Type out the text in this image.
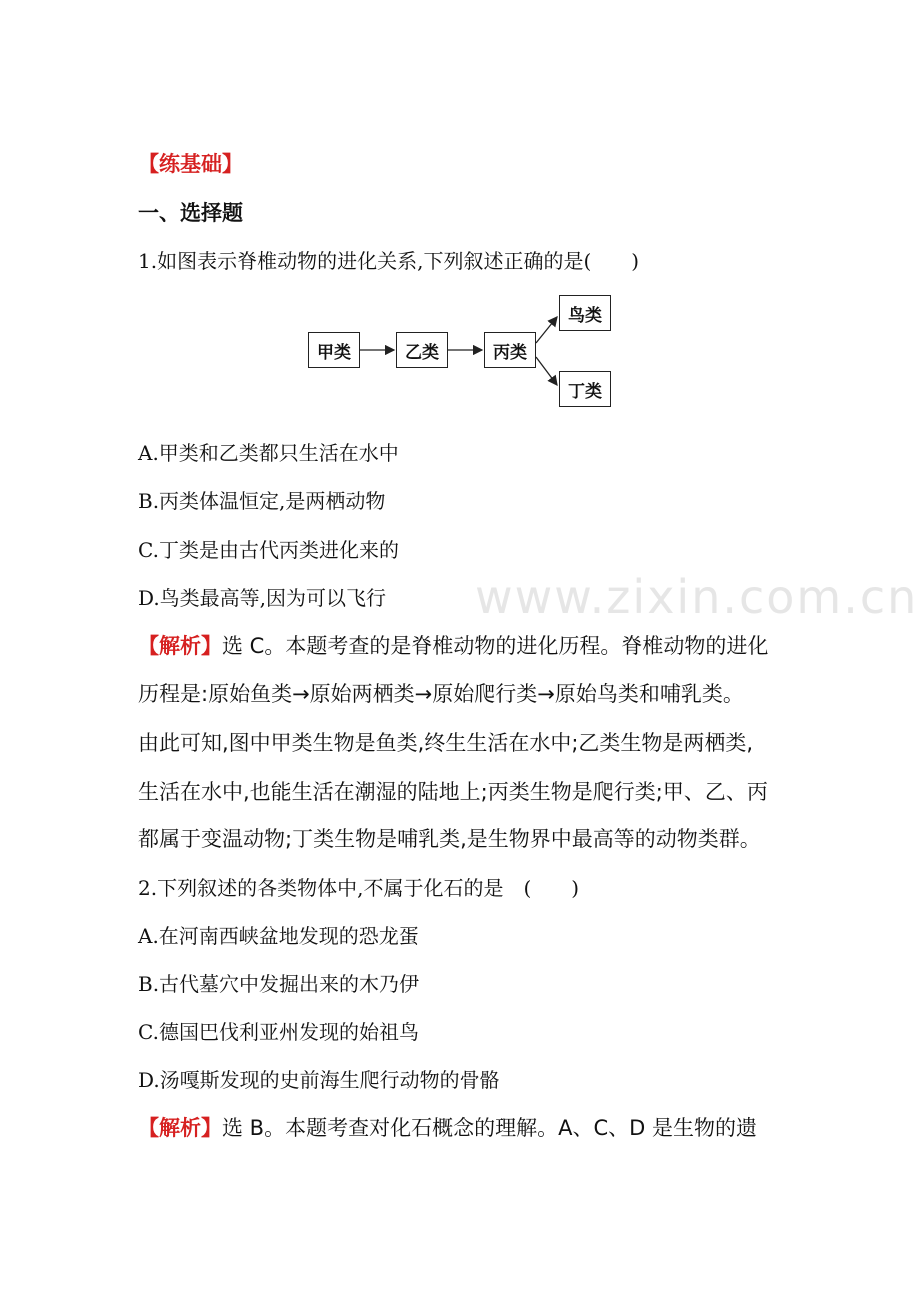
www.zixin.com.cn
【练基础】
一、选择题
1.如图表示脊椎动物的进化关系,下列叙述正确的是(　　)
甲类	乙类	丙类
鸟类
丁类
A.甲类和乙类都只生活在水中
B.丙类体温恒定,是两栖动物
C.丁类是由古代丙类进化来的
D.鸟类最高等,因为可以飞行
【解析】选 C。本题考查的是脊椎动物的进化历程。脊椎动物的进化
历程是:原始鱼类→原始两栖类→原始爬行类→原始鸟类和哺乳类。
由此可知,图中甲类生物是鱼类,终生生活在水中;乙类生物是两栖类,
生活在水中,也能生活在潮湿的陆地上;丙类生物是爬行类;甲、乙、丙
都属于变温动物;丁类生物是哺乳类,是生物界中最高等的动物类群。
2.下列叙述的各类物体中,不属于化石的是　(　　)
A.在河南西峡盆地发现的恐龙蛋
B.古代墓穴中发掘出来的木乃伊
C.德国巴伐利亚州发现的始祖鸟
D.汤嘎斯发现的史前海生爬行动物的骨骼
【解析】选 B。本题考查对化石概念的理解。A、C、D 是生物的遗
